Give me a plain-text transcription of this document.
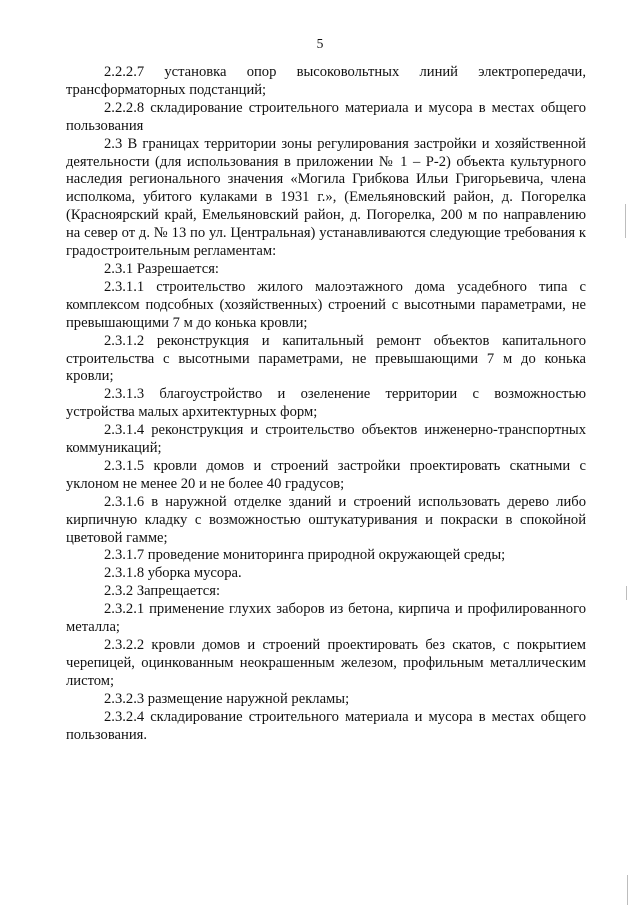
5

2.2.2.7 установка опор высоковольтных линий электропередачи, трансформаторных подстанций;

2.2.2.8 складирование строительного материала и мусора в местах общего пользования

2.3 В границах территории зоны регулирования застройки и хозяйственной деятельности (для использования в приложении № 1 – Р-2) объекта культурного наследия регионального значения «Могила Грибкова Ильи Григорьевича, члена исполкома, убитого кулаками в 1931 г.», (Емельяновский район, д. Погорелка (Красноярский край, Емельяновский район, д. Погорелка, 200 м по направлению на север от д. № 13 по ул. Центральная) устанавливаются следующие требования к градостроительным регламентам:

2.3.1 Разрешается:

2.3.1.1 строительство жилого малоэтажного дома усадебного типа с комплексом подсобных (хозяйственных) строений с высотными параметрами, не превышающими 7 м до конька кровли;

2.3.1.2 реконструкция и капитальный ремонт объектов капитального строительства с высотными параметрами, не превышающими 7 м до конька кровли;

2.3.1.3 благоустройство и озеленение территории с возможностью устройства малых архитектурных форм;

2.3.1.4 реконструкция и строительство объектов инженерно-транспортных коммуникаций;

2.3.1.5 кровли домов и строений застройки проектировать скатными с уклоном не менее 20 и не более 40 градусов;

2.3.1.6 в наружной отделке зданий и строений использовать дерево либо кирпичную кладку с возможностью оштукатуривания и покраски в спокойной цветовой гамме;

2.3.1.7 проведение мониторинга природной окружающей среды;

2.3.1.8 уборка мусора.

2.3.2 Запрещается:

2.3.2.1 применение глухих заборов из бетона, кирпича и профилированного металла;

2.3.2.2 кровли домов и строений проектировать без скатов, с покрытием черепицей, оцинкованным неокрашенным железом, профильным металлическим листом;

2.3.2.3 размещение наружной рекламы;

2.3.2.4 складирование строительного материала и мусора в местах общего пользования.
